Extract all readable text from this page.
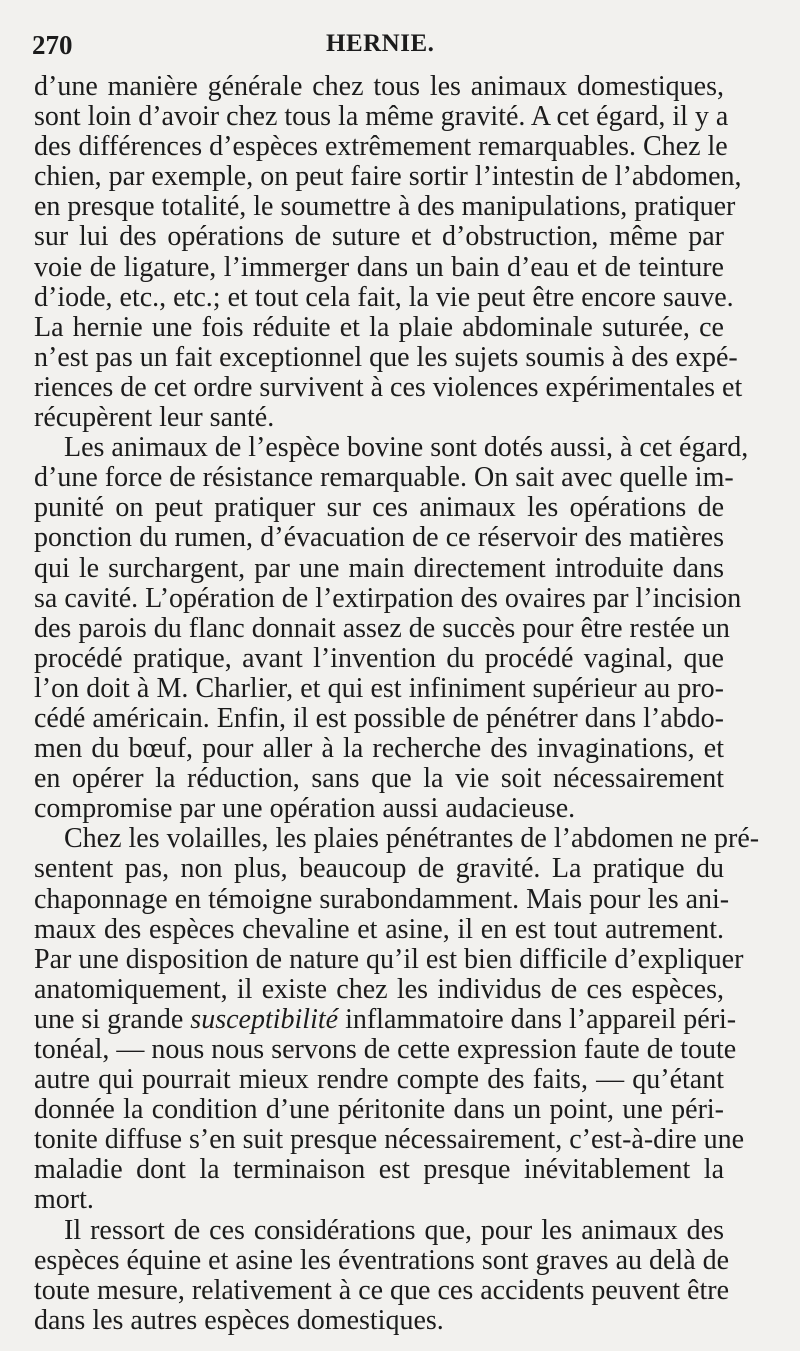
270	HERNIE.
d’une manière générale chez tous les animaux domestiques,
sont loin d’avoir chez tous la même gravité. A cet égard, il y a
des différences d’espèces extrêmement remarquables. Chez le
chien, par exemple, on peut faire sortir l’intestin de l’abdomen,
en presque totalité, le soumettre à des manipulations, pratiquer
sur lui des opérations de suture et d’obstruction, même par
voie de ligature, l’immerger dans un bain d’eau et de teinture
d’iode, etc., etc.; et tout cela fait, la vie peut être encore sauve.
La hernie une fois réduite et la plaie abdominale suturée, ce
n’est pas un fait exceptionnel que les sujets soumis à des expé-
riences de cet ordre survivent à ces violences expérimentales et
récupèrent leur santé.
Les animaux de l’espèce bovine sont dotés aussi, à cet égard,
d’une force de résistance remarquable. On sait avec quelle im-
punité on peut pratiquer sur ces animaux les opérations de
ponction du rumen, d’évacuation de ce réservoir des matières
qui le surchargent, par une main directement introduite dans
sa cavité. L’opération de l’extirpation des ovaires par l’incision
des parois du flanc donnait assez de succès pour être restée un
procédé pratique, avant l’invention du procédé vaginal, que
l’on doit à M. Charlier, et qui est infiniment supérieur au pro-
cédé américain. Enfin, il est possible de pénétrer dans l’abdo-
men du bœuf, pour aller à la recherche des invaginations, et
en opérer la réduction, sans que la vie soit nécessairement
compromise par une opération aussi audacieuse.
Chez les volailles, les plaies pénétrantes de l’abdomen ne pré-
sentent pas, non plus, beaucoup de gravité. La pratique du
chaponnage en témoigne surabondamment. Mais pour les ani-
maux des espèces chevaline et asine, il en est tout autrement.
Par une disposition de nature qu’il est bien difficile d’expliquer
anatomiquement, il existe chez les individus de ces espèces,
une si grande susceptibilité inflammatoire dans l’appareil péri-
tonéal, — nous nous servons de cette expression faute de toute
autre qui pourrait mieux rendre compte des faits, — qu’étant
donnée la condition d’une péritonite dans un point, une péri-
tonite diffuse s’en suit presque nécessairement, c’est-à-dire une
maladie dont la terminaison est presque inévitablement la
mort.
Il ressort de ces considérations que, pour les animaux des
espèces équine et asine les éventrations sont graves au delà de
toute mesure, relativement à ce que ces accidents peuvent être
dans les autres espèces domestiques.
